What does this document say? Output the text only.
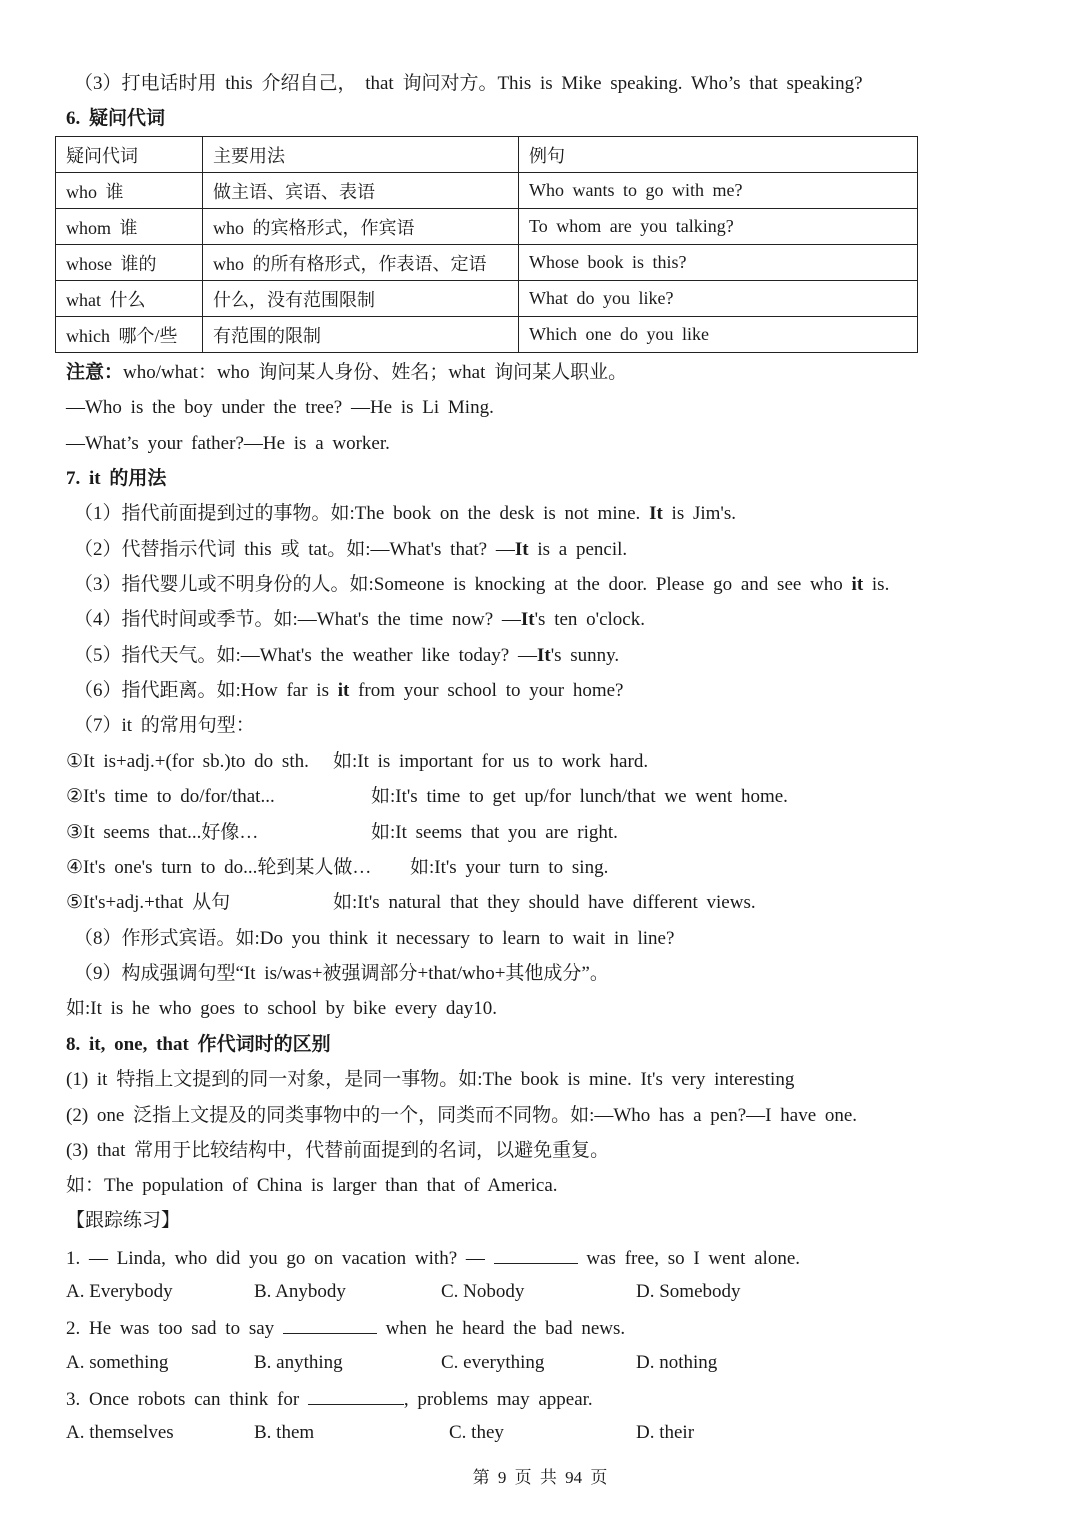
（3）打电话时用 this 介绍自己， that 询问对方。This is Mike speaking. Who’s that speaking?
6. 疑问代词
疑问代词	主要用法	例句
who 谁	做主语、宾语、表语	Who wants to go with me?
whom 谁	who 的宾格形式，作宾语	To whom are you talking?
whose 谁的	who 的所有格形式，作表语、定语	Whose book is this?
what 什么	什么，没有范围限制	What do you like?
which 哪个/些	有范围的限制	Which one do you like
注意：who/what：who 询问某人身份、姓名；what 询问某人职业。
—Who is the boy under the tree? —He is Li Ming.
—What’s your father?—He is a worker.
7. it 的用法
（1）指代前面提到过的事物。如:The book on the desk is not mine. It is Jim's.
（2）代替指示代词 this 或 tat。如:—What's that? —It is a pencil.
（3）指代婴儿或不明身份的人。如:Someone is knocking at the door. Please go and see who it is.
（4）指代时间或季节。如:—What's the time now? —It's ten o'clock.
（5）指代天气。如:—What's the weather like today? —It's sunny.
（6）指代距离。如:How far is it from your school to your home?
（7）it 的常用句型：
①It is+adj.+(for sb.)to do sth. 如:It is important for us to work hard.
②It's time to do/for/that...	如:It's time to get up/for lunch/that we went home.
③It seems that...好像…	如:It seems that you are right.
④It's one's turn to do...轮到某人做… 如:It's your turn to sing.
⑤It's+adj.+that 从句	如:It's natural that they should have different views.
（8）作形式宾语。如:Do you think it necessary to learn to wait in line?
（9）构成强调句型“It is/was+被强调部分+that/who+其他成分”。
如:It is he who goes to school by bike every day10.
8. it, one, that 作代词时的区别
(1) it 特指上文提到的同一对象，是同一事物。如:The book is mine. It's very interesting
(2) one 泛指上文提及的同类事物中的一个，同类而不同物。如:—Who has a pen?—I have one.
(3) that 常用于比较结构中，代替前面提到的名词，以避免重复。
如：The population of China is larger than that of America.
【跟踪练习】
1. — Linda, who did you go on vacation with? —	was free, so I went alone.
A. Everybody	B. Anybody	C. Nobody	D. Somebody
2. He was too sad to say	when he heard the bad news.
A. something	B. anything	C. everything	D. nothing
3. Once robots can think for	, problems may appear.
A. themselves	B. them	C. they	D. their
第 9 页 共 94 页
